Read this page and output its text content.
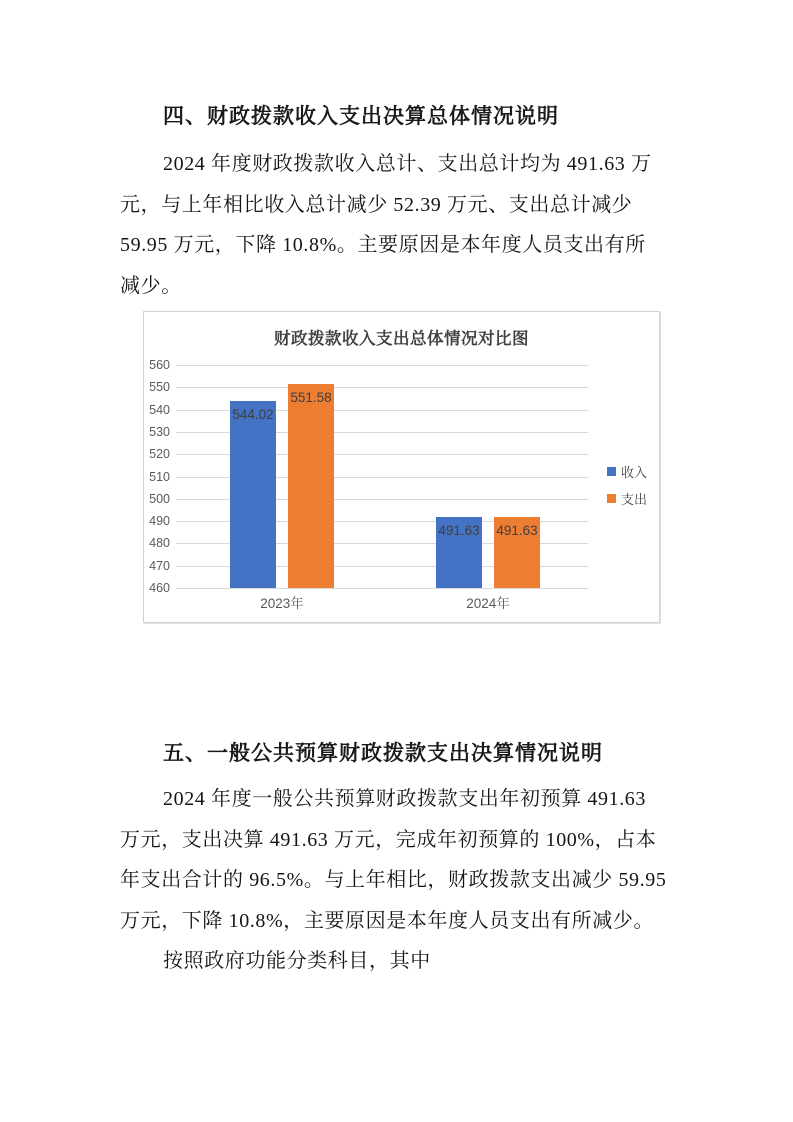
四、财政拨款收入支出决算总体情况说明
2024 年度财政拨款收入总计、支出总计均为 491.63 万
元，与上年相比收入总计减少 52.39 万元、支出总计减少
59.95 万元，下降 10.8%。主要原因是本年度人员支出有所
减少。
财政拨款收入支出总体情况对比图
460
470
480
490
500
510
520
530
540
550
560
544.02
551.58
2023年
491.63	491.63
2024年
收入
支出
五、一般公共预算财政拨款支出决算情况说明
2024 年度一般公共预算财政拨款支出年初预算 491.63
万元，支出决算 491.63 万元，完成年初预算的 100%，占本
年支出合计的 96.5%。与上年相比，财政拨款支出减少 59.95
万元，下降 10.8%，主要原因是本年度人员支出有所减少。
按照政府功能分类科目，其中
